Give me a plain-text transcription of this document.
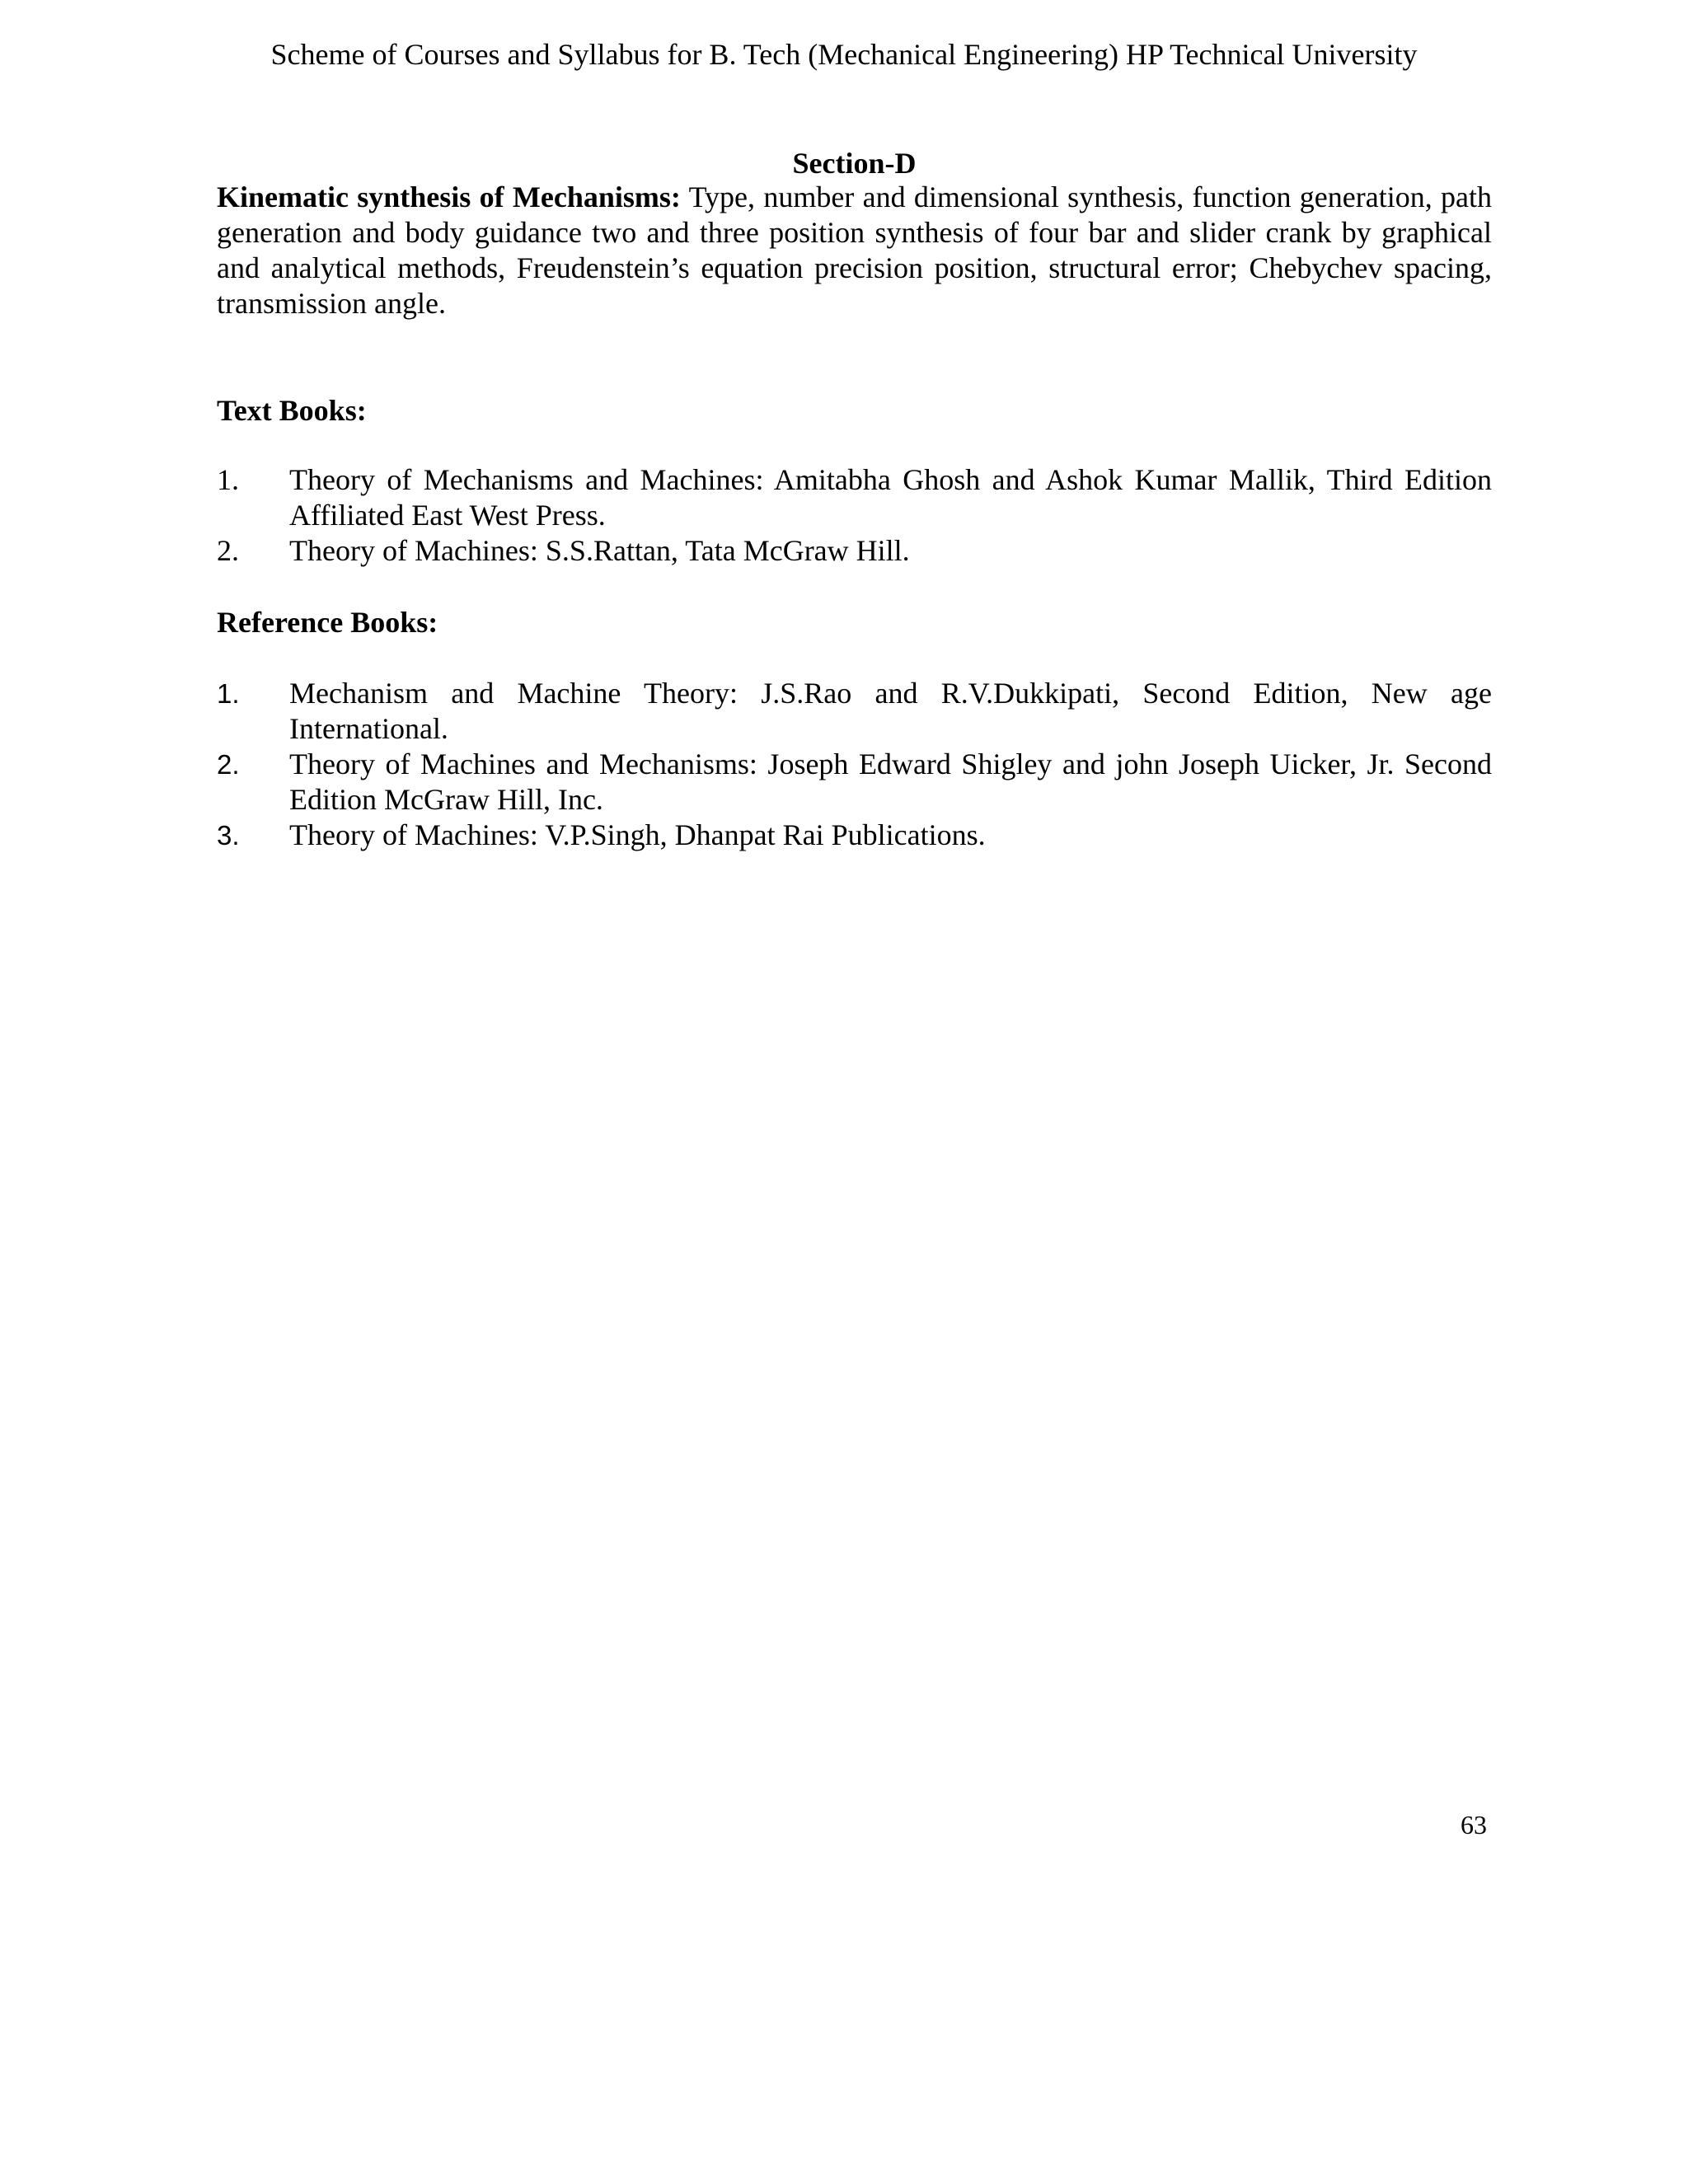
Scheme of Courses and Syllabus for B. Tech (Mechanical Engineering) HP Technical University
Section-D
Kinematic synthesis of Mechanisms: Type, number and dimensional synthesis, function generation, path generation and body guidance two and three position synthesis of four bar and slider crank by graphical and analytical methods, Freudenstein’s equation precision position, structural error; Chebychev spacing, transmission angle.
Text Books:
1.	Theory of Mechanisms and Machines: Amitabha Ghosh and Ashok Kumar Mallik, Third Edition Affiliated East West Press.
2.	Theory of Machines: S.S.Rattan, Tata McGraw Hill.
Reference Books:
1.	Mechanism and Machine Theory: J.S.Rao and R.V.Dukkipati, Second Edition, New age International.
2.	Theory of Machines and Mechanisms: Joseph Edward Shigley and john Joseph Uicker, Jr. Second Edition McGraw Hill, Inc.
3.	Theory of Machines: V.P.Singh, Dhanpat Rai Publications.
63
